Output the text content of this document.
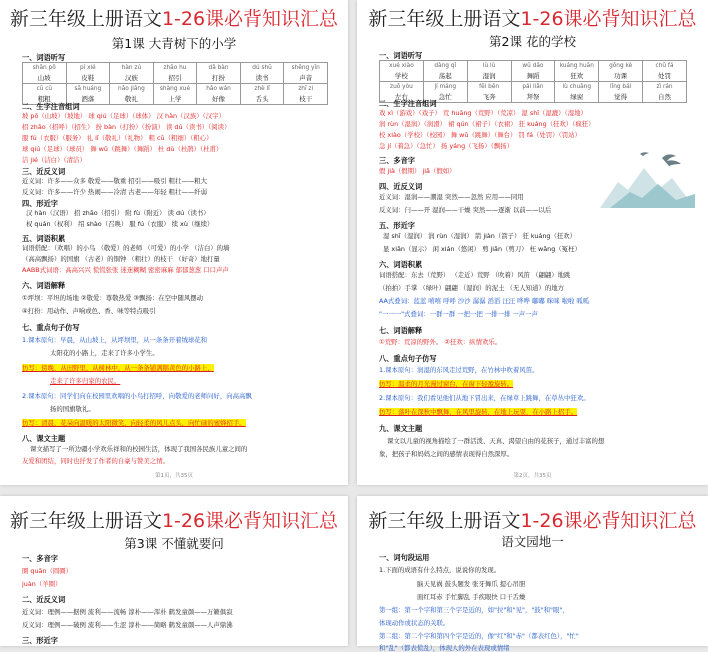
新三年级上册语文1-26课必背知识汇总
第1课 大青树下的小学
一、词语听写
shān pō	pí xié	hàn zú	zhāo hu	dǎ bàn	dú shū	shēng yīn
山坡	皮鞋	汉族	招引	打扮	读书	声音
cū cū	sā huáng	nǎo jiāng	shàng xué	hǎo wán	zhè lǐ	zhī zi
粗粗	洒落	敬礼	上学	好像	舌头	枝干
二、生字注音组词
坡 pō（山坡）（坡地） 球 qiú（足球）（球体） 汉 hàn（汉族）（汉字）
招 zhāo（招呼）（招生） 扮 bàn（打扮）（扮演） 读 dú（读书）（阅读）
服 fú（衣服）（服务） 礼 lǐ（敬礼）（礼物） 粗 cū（粗细）（粗心）
球 qiú（足球）（球员） 舞 wǔ（跳舞）（舞蹈） 杜 dù（杜鹃）（杜甫）
洁 jié（洁白）（清洁）
三、近反义词
近义词：许多——众多 敬爱——敬重 招引——吸引 粗壮——粗大
反义词：许多——许少 热闹——冷清 古老——年轻 粗壮——纤弱
四、形近字
汉 hàn（汉语） 招 zhāo（招引） 附 fù（附近） 读 dú（读书）
权 quán（权利） 绍 shào（召唤） 服 fú（衣服） 续 xù（继续）
五、词语积累
词语搭配：（欢唱）的小鸟 （敬爱）的老师 （可爱）的小学 （洁白）的墙
（高高飘扬）的国旗 （古老）的铜钟 （粗壮）的枝干 （好奇）地打量
AABB式词语：高高兴兴 慌慌张张 迷迷糊糊 密密麻麻 郁郁葱葱 口口声声
六、词语解释
①坪坝：平坦的场地 ②敬爱：尊敬热爱 ③飘扬：在空中随风摆动
④打扮：用动作、声响或色、香、味等特点吸引
七、重点句子仿写
1.课本原句：早晨，从山坡上，从坪坝里，从一条条开着绒球花和
太阳花的小路上，走来了许多小学生。
仿写：傍晚，从田野里，从树林中，从一条条铺满鹅黄色的小路上，
走来了许多归家的农民。
2.课本原句：同学们向在校园里欢唱的小鸟打招呼，向敬爱的老师问好，向高高飘
扬的国旗敬礼。
仿写：清晨，花朵向温暖的太阳微笑，向轻柔的风儿点头，向忙碌的蜜蜂招手。
八、课文主题
课文描写了一所边疆小学欢乐祥和的校园生活，体现了我国各民族儿童之间的
友爱和团结，同时也抒发了作者的自豪与赞美之情。
第1页，共35页
新三年级上册语文1-26课必背知识汇总
第2课 花的学校
一、词语听写
xué xiào	dàng qǐ	lù lù	wǔ dǎo	kuáng huān	gōng kè	chǔ fá
学校	荡起	湿润	舞蹈	狂欢	功课	处罚
zuǒ yòu	jí máng	fēi bēn	pái liǎn	lù chuāng	lǐng bái	zì rán
左右	急忙	飞奔	拜祭	绿窗	觉得	自然
二、生字注音组词
戏 xì（游戏）（戏子） 荒 huāng（荒野）（荒凉） 湿 shī（湿漉）（湿地）
润 rùn（湿润）（润滑） 裙 qún（裙子）（衣裙） 狂 kuáng（狂欢）（疯狂）
校 xiào（学校）（校园） 舞 wǔ（跳舞）（舞台） 罚 fá（处罚）（罚站）
急 jí（着急）（急忙） 扬 yáng（飞扬）（飘扬）
三、多音字
假 jià（假期） jiǎ（假如）
四、近反义词
近义词：湿润——潮湿 突然——忽然 应用——同用
反义词：闩——开 湿润——干燥 突然——逐渐 以前——以后
五、形近字
湿 shī（湿润） 润 rùn（湿润） 箭 jiàn（箭子） 狂 kuáng（狂欢）
显 xiǎn（显示） 闲 xián（悠闲） 剪 jiǎn（剪刀） 枉 wǎng（冤枉）
六、词语积累
词语搭配：东去（荒野） （走近）荒野 （吹着）风笛 （翩翩）地跳
（拍拍）手掌 （绿叶）翩翩 （湿润）的泥土 （无人知道）的地方
AA式叠词：蓝蓝 嘻嘻 呼呼 沙沙 潺潺 滔滔 汪汪 哗哗 嘟嘟 咪咪 啦啦 呱呱
"一一一"式叠词：一群一群 一把一把 一排一排 一声一声
七、词语解释
①荒野：荒凉的野外。 ②狂欢：纵情欢乐。
八、重点句子仿写
1.课本原句：润湿的东风走过荒野，在竹林中吹着风笛。
仿写：温柔的月光漫过窗台，在窗下轻盈旋转。
2.课本原句：我们看见他们从地下冒出来，在绿草上跳舞，在草丛中狂欢。
仿写：落叶在深秋中飘舞，在风里旋转，在地上玩耍，在小路上招手。
九、课文主题
课文以儿童的视角描绘了一群活泼、天真、渴望自由的花孩子，通过丰富的想
象，把孩子和妈妈之间的感情表现得自然深厚。
第2页，共35页
新三年级上册语文1-26课必背知识汇总
第3课 不懂就要问
一、多音字
圈 quān（圆圈）
juàn（羊圈）
二、近反义词
近义词：理例——据例 流利——流畅 淳朴——浑朴 鹤发童颜——万籁俱寂
反义词：理例——破例 流利——生涩 淳朴——简略 鹤发童颜——人声鼎沸
三、形近字
新三年级上册语文1-26课必背知识汇总
语文园地一
一、词句段运用
1.下面的成语有什么特点，说说你的发现。
脑天见祸 鼓头题发 张牙舞爪 提心吊胆
面红耳赤 手忙脚乱 手疾眼快 口干舌燥
第一组：第一个字和第三个字是近的，如"拉"和"见"，"鼓"和"眼"，
体现动作或状态的关联。
第二组：第二个字和第四个字是近的，像"红"和"赤"（都表红色），"忙"
和"乱"（都表慌乱），体现人的外在表现或情绪
